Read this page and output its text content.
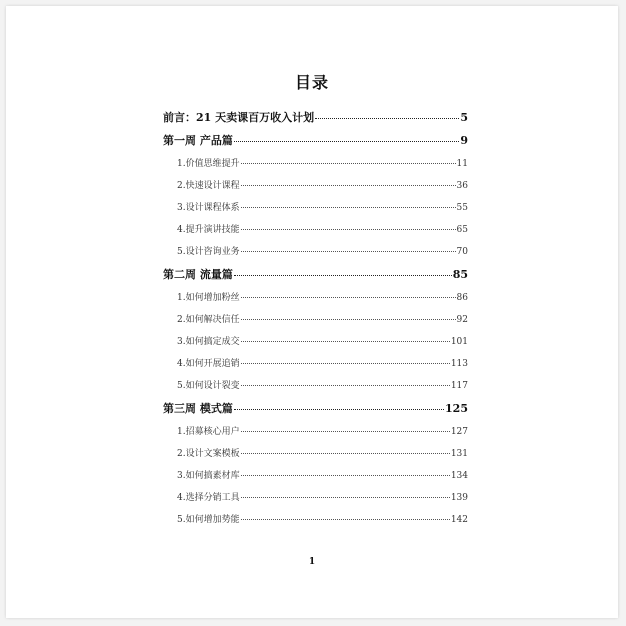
目录
前言：21 天卖课百万收入计划	5
第一周 产品篇	9
1.价值思维提升	11
2.快速设计课程	36
3.设计课程体系	55
4.提升演讲技能	65
5.设计咨询业务	70
第二周 流量篇	85
1.如何增加粉丝	86
2.如何解决信任	92
3.如何搞定成交	101
4.如何开展追销	113
5.如何设计裂变	117
第三周 模式篇	125
1.招募核心用户	127
2.设计文案模板	131
3.如何搞素材库	134
4.选择分销工具	139
5.如何增加势能	142
1
